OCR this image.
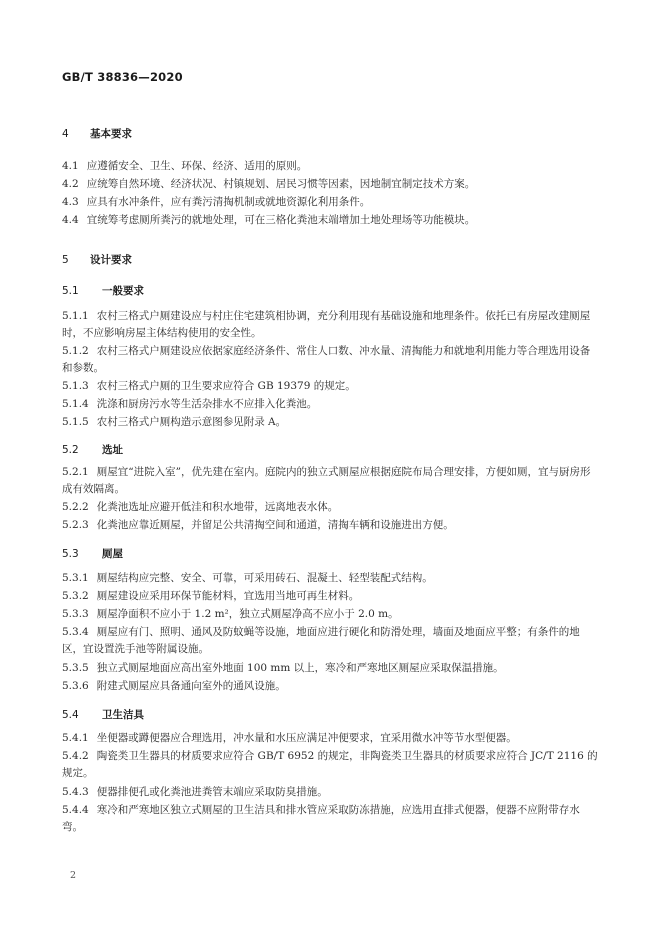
GB/T 38836—2020
4 基本要求
4.1 应遵循安全、卫生、环保、经济、适用的原则。
4.2 应统筹自然环境、经济状况、村镇规划、居民习惯等因素，因地制宜制定技术方案。
4.3 应具有水冲条件，应有粪污清掏机制或就地资源化利用条件。
4.4 宜统筹考虑厕所粪污的就地处理，可在三格化粪池末端增加土地处理场等功能模块。
5 设计要求
5.1 一般要求
5.1.1 农村三格式户厕建设应与村庄住宅建筑相协调，充分利用现有基础设施和地理条件。依托已有房屋改建厕屋时，不应影响房屋主体结构使用的安全性。
5.1.2 农村三格式户厕建设应依据家庭经济条件、常住人口数、冲水量、清掏能力和就地利用能力等合理选用设备和参数。
5.1.3 农村三格式户厕的卫生要求应符合 GB 19379 的规定。
5.1.4 洗涤和厨房污水等生活杂排水不应排入化粪池。
5.1.5 农村三格式户厕构造示意图参见附录 A。
5.2 选址
5.2.1 厕屋宜“进院入室”，优先建在室内。庭院内的独立式厕屋应根据庭院布局合理安排，方便如厕，宜与厨房形成有效隔离。
5.2.2 化粪池选址应避开低洼和积水地带，远离地表水体。
5.2.3 化粪池应靠近厕屋，并留足公共清掏空间和通道，清掏车辆和设施进出方便。
5.3 厕屋
5.3.1 厕屋结构应完整、安全、可靠，可采用砖石、混凝土、轻型装配式结构。
5.3.2 厕屋建设应采用环保节能材料，宜选用当地可再生材料。
5.3.3 厕屋净面积不应小于 1.2 m²，独立式厕屋净高不应小于 2.0 m。
5.3.4 厕屋应有门、照明、通风及防蚊蝇等设施，地面应进行硬化和防滑处理，墙面及地面应平整；有条件的地区，宜设置洗手池等附属设施。
5.3.5 独立式厕屋地面应高出室外地面 100 mm 以上，寒冷和严寒地区厕屋应采取保温措施。
5.3.6 附建式厕屋应具备通向室外的通风设施。
5.4 卫生洁具
5.4.1 坐便器或蹲便器应合理选用，冲水量和水压应满足冲便要求，宜采用微水冲等节水型便器。
5.4.2 陶瓷类卫生器具的材质要求应符合 GB/T 6952 的规定，非陶瓷类卫生器具的材质要求应符合 JC/T 2116 的规定。
5.4.3 便器排便孔或化粪池进粪管末端应采取防臭措施。
5.4.4 寒冷和严寒地区独立式厕屋的卫生洁具和排水管应采取防冻措施，应选用直排式便器，便器不应附带存水弯。
2
